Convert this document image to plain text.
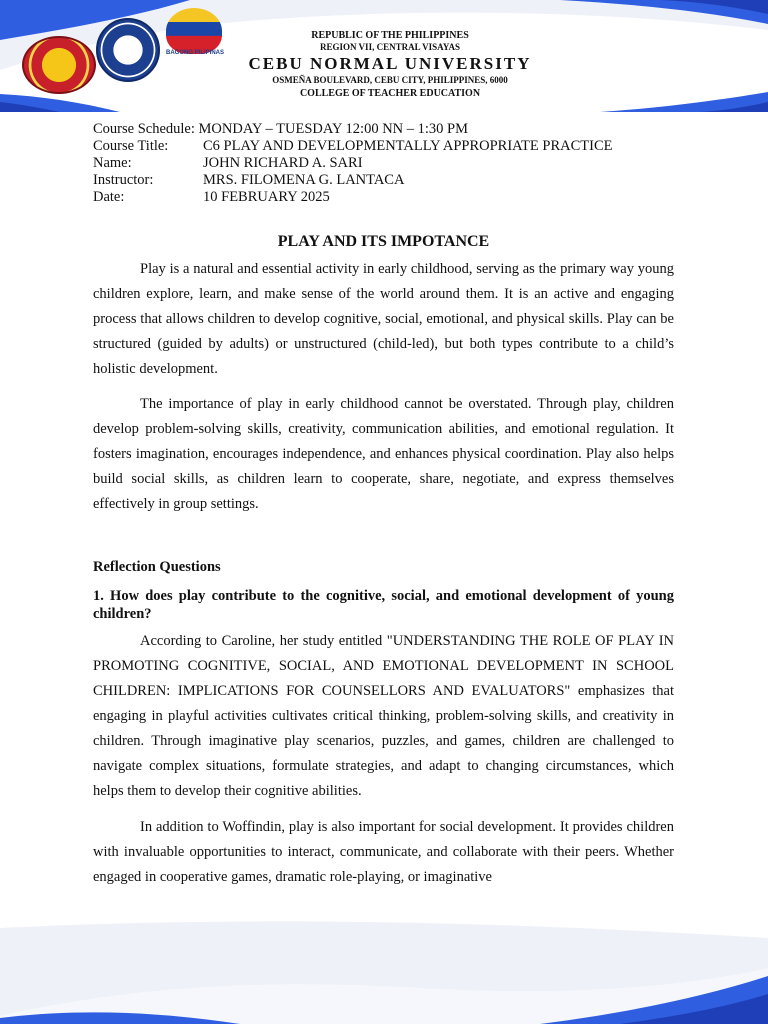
BAGONG PILIPINAS
REPUBLIC OF THE PHILIPPINES
REGION VII, CENTRAL VISAYAS
CEBU NORMAL UNIVERSITY
OSMEÑA BOULEVARD, CEBU CITY, PHILIPPINES, 6000
COLLEGE OF TEACHER EDUCATION
Course Schedule:
MONDAY – TUESDAY 12:00 NN – 1:30 PM
Course Title:	C6 PLAY AND DEVELOPMENTALLY APPROPRIATE PRACTICE
Name:	JOHN RICHARD A. SARI
Instructor:	MRS. FILOMENA G. LANTACA
Date:	10 FEBRUARY 2025
PLAY AND ITS IMPOTANCE

Play is a natural and essential activity in early childhood, serving as the primary way young children explore, learn, and make sense of the world around them. It is an active and engaging process that allows children to develop cognitive, social, emotional, and physical skills. Play can be structured (guided by adults) or unstructured (child-led), but both types contribute to a child’s holistic development.

The importance of play in early childhood cannot be overstated. Through play, children develop problem-solving skills, creativity, communication abilities, and emotional regulation. It fosters imagination, encourages independence, and enhances physical coordination. Play also helps build social skills, as children learn to cooperate, share, negotiate, and express themselves effectively in group settings.

Reflection Questions
1. How does play contribute to the cognitive, social, and emotional development of young children?

According to Caroline, her study entitled "UNDERSTANDING THE ROLE OF PLAY IN PROMOTING COGNITIVE, SOCIAL, AND EMOTIONAL DEVELOPMENT IN SCHOOL CHILDREN: IMPLICATIONS FOR COUNSELLORS AND EVALUATORS" emphasizes that engaging in playful activities cultivates critical thinking, problem-solving skills, and creativity in children. Through imaginative play scenarios, puzzles, and games, children are challenged to navigate complex situations, formulate strategies, and adapt to changing circumstances, which helps them to develop their cognitive abilities.

In addition to Woffindin, play is also important for social development. It provides children with invaluable opportunities to interact, communicate, and collaborate with their peers. Whether engaged in cooperative games, dramatic role-playing, or imaginative
